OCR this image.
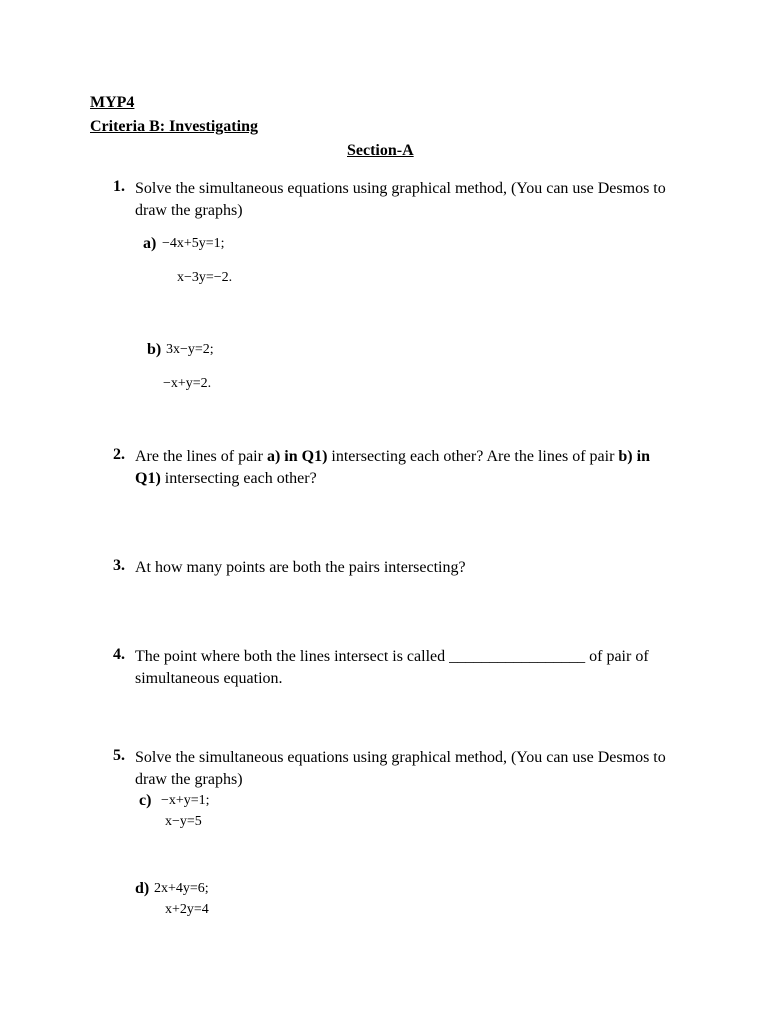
MYP4
Criteria B: Investigating
Section-A
1. Solve the simultaneous equations using graphical method, (You can use Desmos to draw the graphs)
a) −4x+5y=1;
x−3y=−2.
b) 3x−y=2;
−x+y=2.
2. Are the lines of pair a) in Q1) intersecting each other? Are the lines of pair b) in Q1) intersecting each other?
3. At how many points are both the pairs intersecting?
4. The point where both the lines intersect is called _________________ of pair of simultaneous equation.
5. Solve the simultaneous equations using graphical method, (You can use Desmos to draw the graphs)
c) −x+y=1;
x−y=5
d) 2x+4y=6;
x+2y=4
